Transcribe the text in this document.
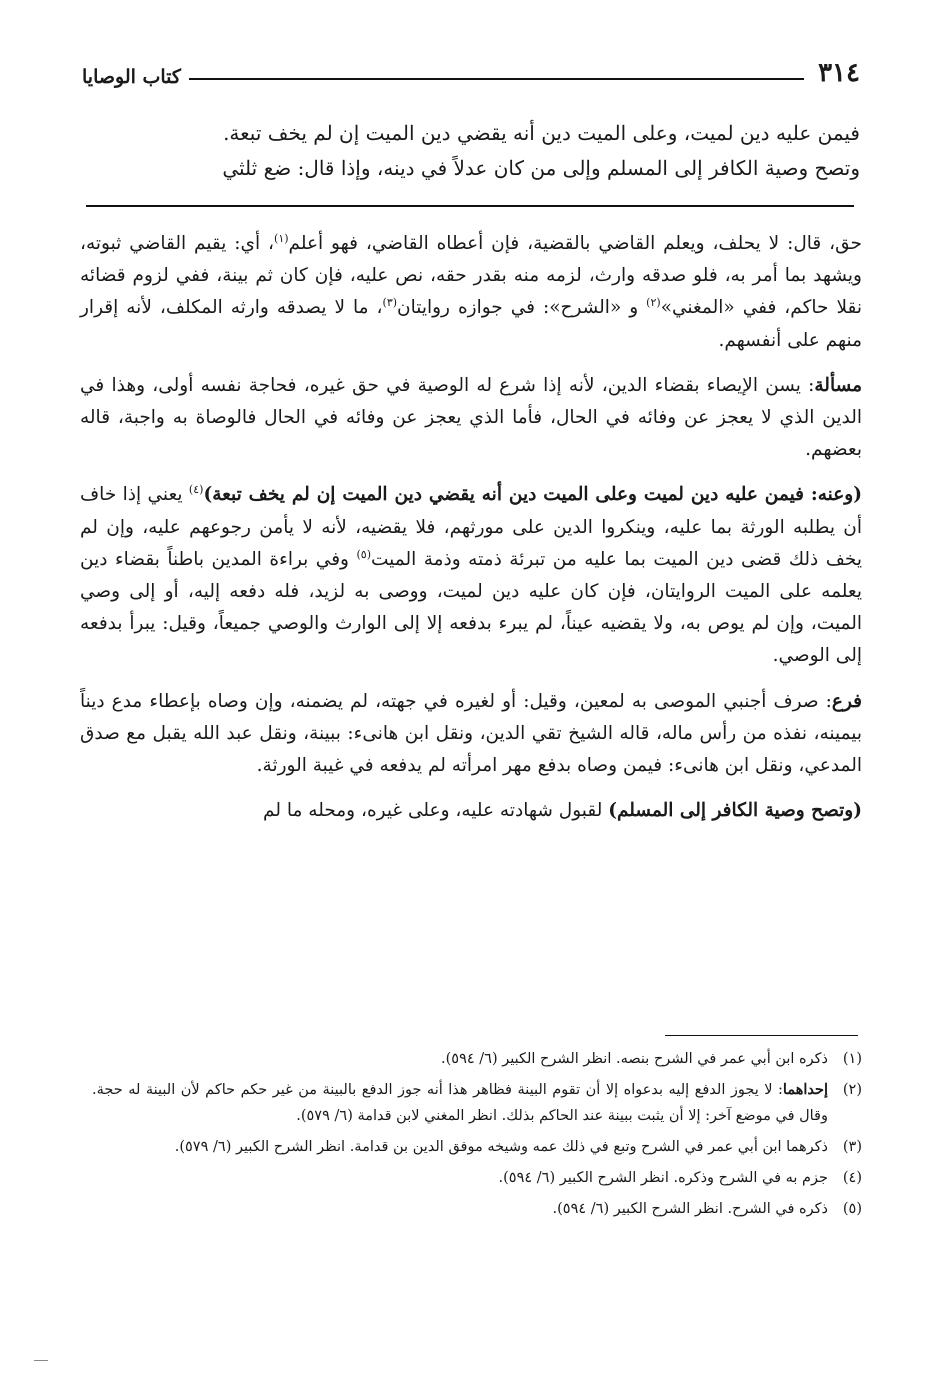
٣١٤
كتاب الوصايا

فيمن عليه دين لميت، وعلى الميت دين أنه يقضي دين الميت إن لم يخف تبعة.

وتصح وصية الكافر إلى المسلم وإلى من كان عدلاً في دينه، وإذا قال: ضع ثلثي

حق، قال: لا يحلف، ويعلم القاضي بالقضية، فإن أعطاه القاضي، فهو أعلم$^{(١)}$، أي: يقيم القاضي ثبوته، ويشهد بما أمر به، فلو صدقه وارث، لزمه منه بقدر حقه، نص عليه، فإن كان ثم بينة، ففي لزوم قضائه نقلا حاكم، ففي «المغني»$^{(٢)}$ و «الشرح»: في جوازه روايتان$^{(٣)}$، ما لا يصدقه وارثه المكلف، لأنه إقرار منهم على أنفسهم.

مسألة: يسن الإيصاء بقضاء الدين، لأنه إذا شرع له الوصية في حق غيره، فحاجة نفسه أولى، وهذا في الدين الذي لا يعجز عن وفائه في الحال، فأما الذي يعجز عن وفائه في الحال فالوصاة به واجبة، قاله بعضهم.

(وعنه: فيمن عليه دين لميت وعلى الميت دين أنه يقضي دين الميت إن لم يخف تبعة)$^{(٤)}$ يعني إذا خاف أن يطلبه الورثة بما عليه، وينكروا الدين على مورثهم، فلا يقضيه، لأنه لا يأمن رجوعهم عليه، وإن لم يخف ذلك قضى دين الميت بما عليه من تبرئة ذمته وذمة الميت$^{(٥)}$ وفي براءة المدين باطناً بقضاء دين يعلمه على الميت الروايتان، فإن كان عليه دين لميت، ووصى به لزيد، فله دفعه إليه، أو إلى وصي الميت، وإن لم يوص به، ولا يقضيه عيناً، لم يبرء بدفعه إلا إلى الوارث والوصي جميعاً، وقيل: يبرأ بدفعه إلى الوصي.

فرع: صرف أجنبي الموصى به لمعين، وقيل: أو لغيره في جهته، لم يضمنه، وإن وصاه بإعطاء مدع ديناً بيمينه، نفذه من رأس ماله، قاله الشيخ تقي الدين، ونقل ابن هانىء: ببينة، ونقل عبد الله يقبل مع صدق المدعي، ونقل ابن هانىء: فيمن وصاه بدفع مهر امرأته لم يدفعه في غيبة الورثة.

(وتصح وصية الكافر إلى المسلم) لقبول شهادته عليه، وعلى غيره، ومحله ما لم

(١)
ذكره ابن أبي عمر في الشرح بنصه. انظر الشرح الكبير (٦/ ٥٩٤).
(٢)
إحداهما: لا يجوز الدفع إليه بدعواه إلا أن تقوم البينة فظاهر هذا أنه جوز الدفع بالبينة من غير حكم حاكم لأن البينة له حجة. وقال في موضع آخر: إلا أن يثبت ببينة عند الحاكم بذلك. انظر المغني لابن قدامة (٦/ ٥٧٩).
(٣)
ذكرهما ابن أبي عمر في الشرح وتبع في ذلك عمه وشيخه موفق الدين بن قدامة. انظر الشرح الكبير (٦/ ٥٧٩).
(٤)
جزم به في الشرح وذكره. انظر الشرح الكبير (٦/ ٥٩٤).
(٥)
ذكره في الشرح. انظر الشرح الكبير (٦/ ٥٩٤).
